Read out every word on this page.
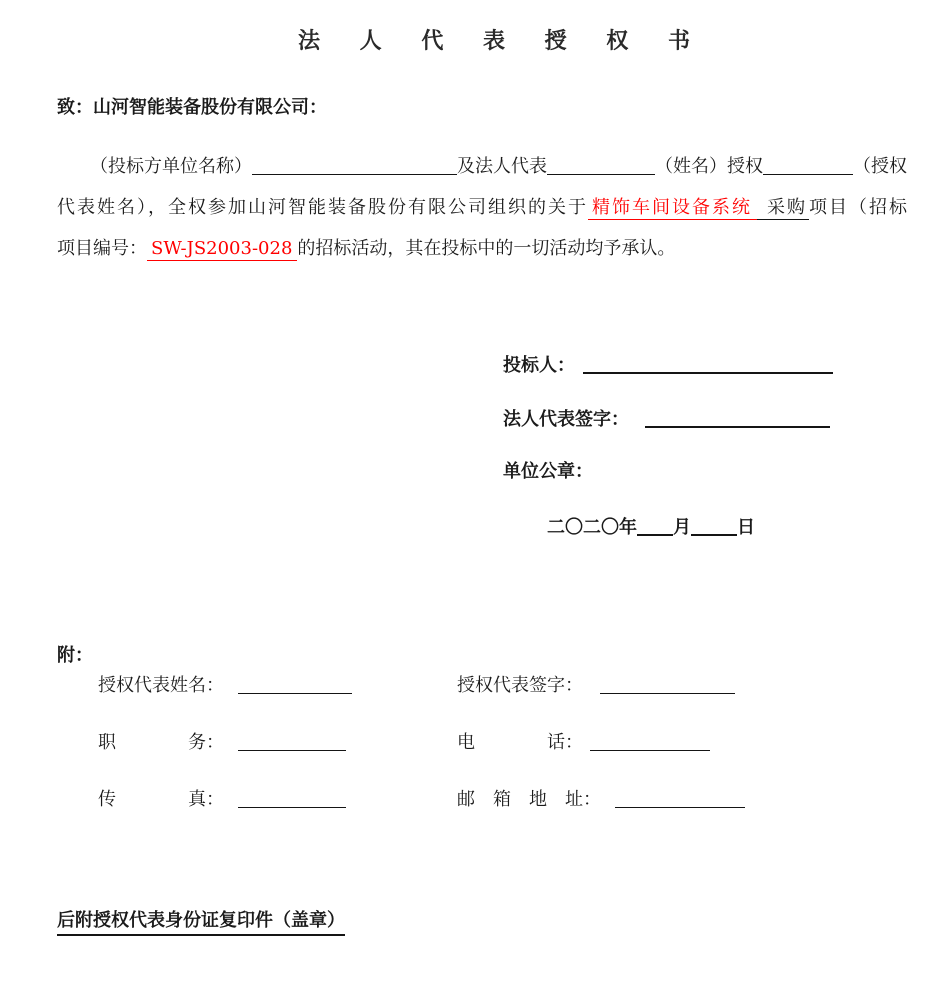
法 人 代 表 授 权 书
致：山河智能装备股份有限公司：
（投标方单位名称）	及法人代表	（姓名）授权	（授权
代表姓名），全权参加山河智能装备股份有限公司组织的关于 精饰车间设备系统 采购 项目（招标
项目编号： SW-JS2003-028 的招标活动，其在投标中的一切活动均予承认。
投标人：
法人代表签字：
单位公章：
二〇二〇年 月	日
附：
授权代表姓名：	授权代表签字：
职　　　　务：	电　　　　话：
传　　　　真：	邮　箱　地　址：
后附授权代表身份证复印件（盖章）
